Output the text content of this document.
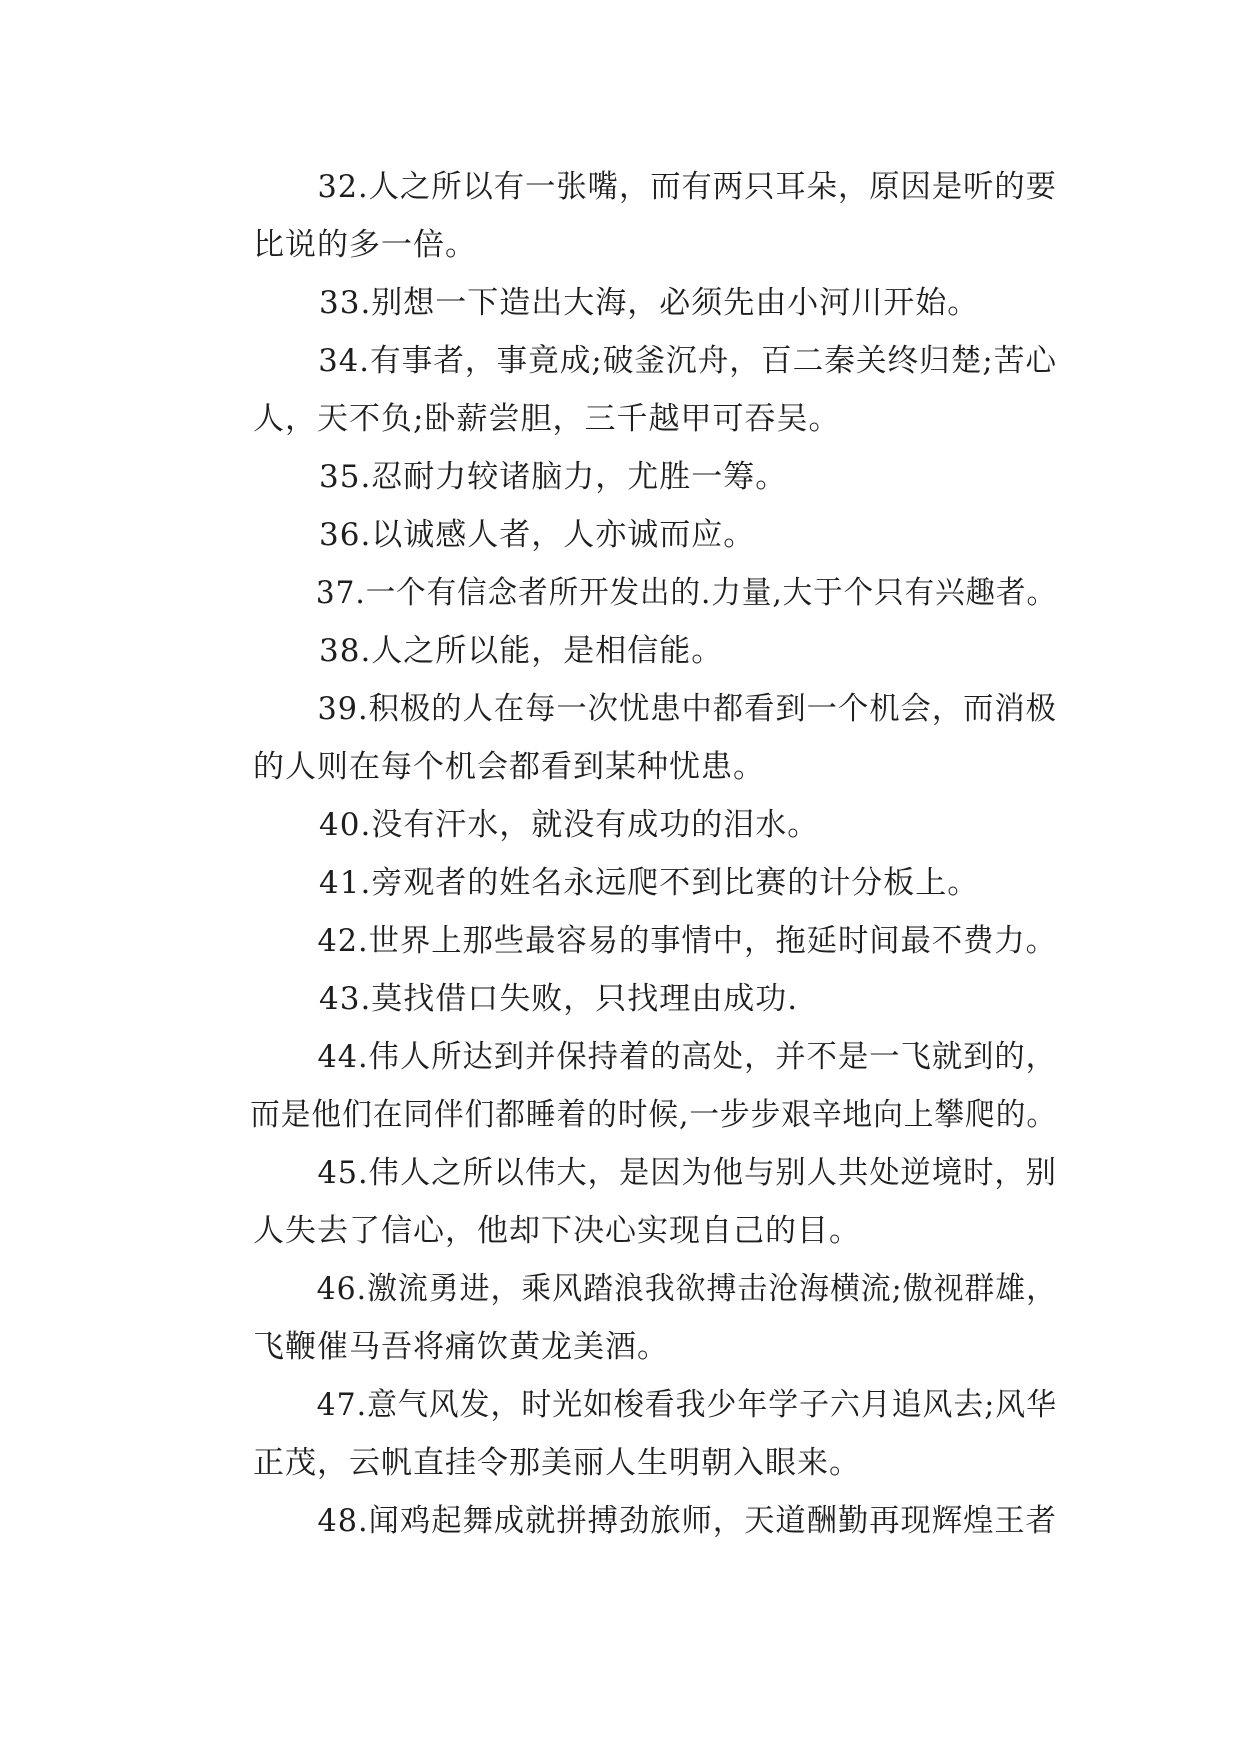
32.人之所以有一张嘴，而有两只耳朵，原因是听的要
比说的多一倍。

33.别想一下造出大海，必须先由小河川开始。

34.有事者，事竟成;破釜沉舟，百二秦关终归楚;苦心
人，天不负;卧薪尝胆，三千越甲可吞吴。

35.忍耐力较诸脑力，尤胜一筹。

36.以诚感人者，人亦诚而应。

37.一个有信念者所开发出的.力量,大于个只有兴趣者。

38.人之所以能，是相信能。

39.积极的人在每一次忧患中都看到一个机会，而消极
的人则在每个机会都看到某种忧患。

40.没有汗水，就没有成功的泪水。

41.旁观者的姓名永远爬不到比赛的计分板上。

42.世界上那些最容易的事情中，拖延时间最不费力。

43.莫找借口失败，只找理由成功.

44.伟人所达到并保持着的高处，并不是一飞就到的，
而是他们在同伴们都睡着的时候,一步步艰辛地向上攀爬的。

45.伟人之所以伟大，是因为他与别人共处逆境时，别
人失去了信心，他却下决心实现自己的目。

46.激流勇进，乘风踏浪我欲搏击沧海横流;傲视群雄，
飞鞭催马吾将痛饮黄龙美酒。

47.意气风发，时光如梭看我少年学子六月追风去;风华
正茂，云帆直挂令那美丽人生明朝入眼来。

48.闻鸡起舞成就拼搏劲旅师，天道酬勤再现辉煌王者
